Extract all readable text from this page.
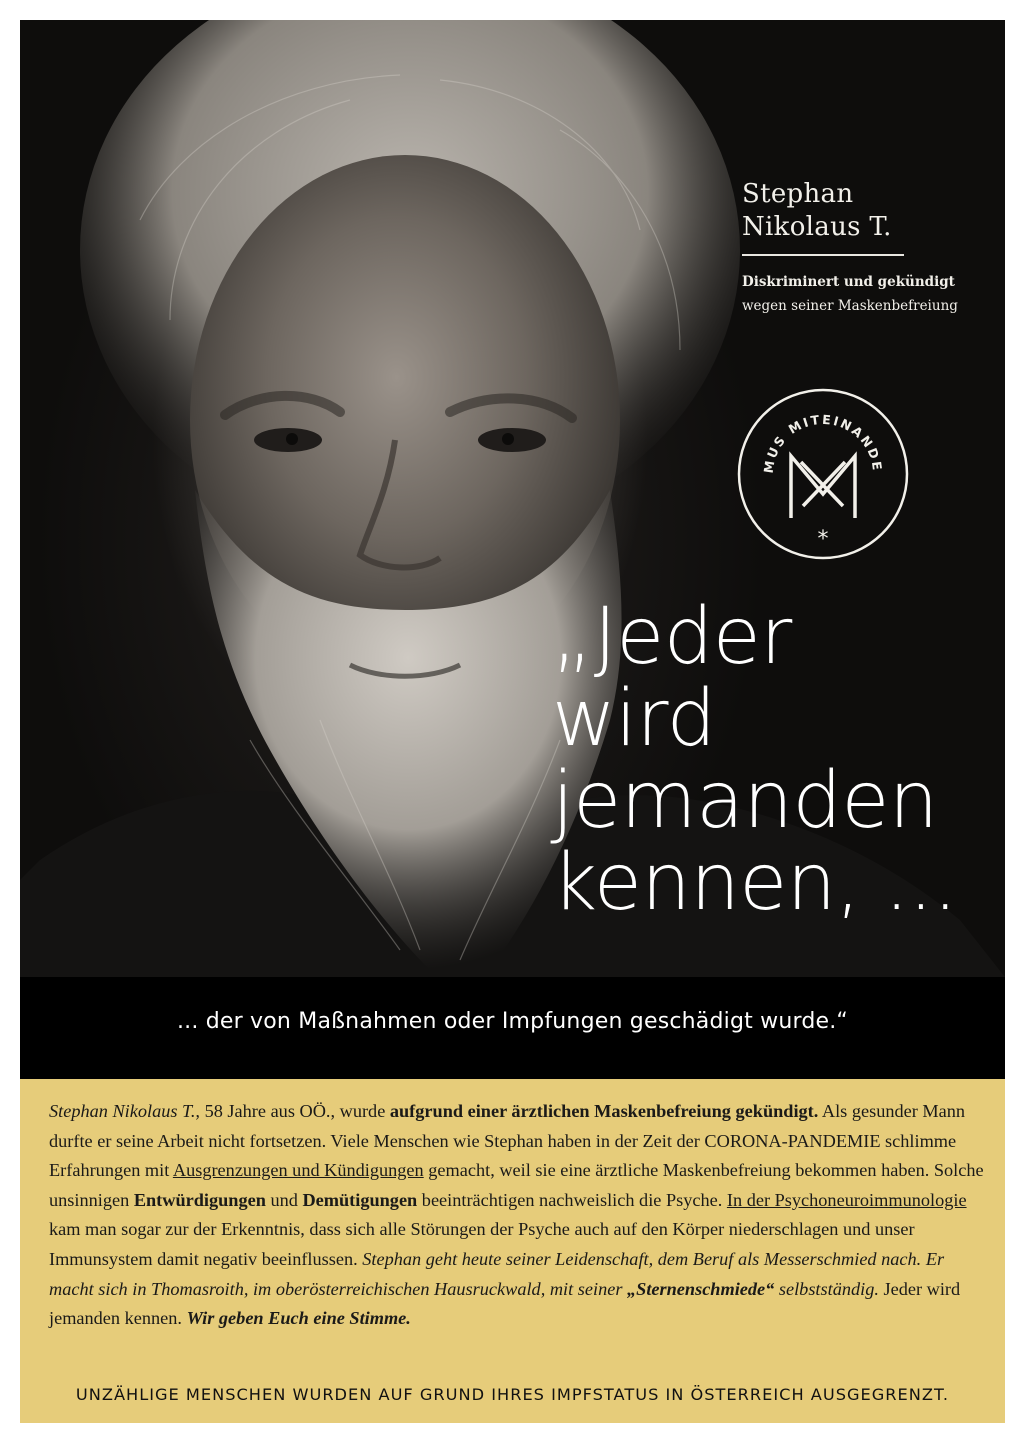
Stephan
Nikolaus T.
Diskriminert und gekündigt
wegen seiner Maskenbefreiung
MUS MITEINANDE
*
„Jeder
wird
jemanden
kennen, ...
... der von Maßnahmen oder Impfungen geschädigt wurde.“
Stephan Nikolaus T., 58 Jahre aus OÖ., wurde aufgrund einer ärztlichen Maskenbefreiung gekündigt. Als gesunder Mann durfte er seine Arbeit nicht fortsetzen. Viele Menschen wie Stephan haben in der Zeit der CORONA-PANDEMIE schlimme Erfahrungen mit Ausgrenzungen und Kündigungen gemacht, weil sie eine ärztliche Maskenbefreiung bekommen haben. Solche unsinnigen Entwürdigungen und Demütigungen beeinträchtigen nachweislich die Psyche. In der Psychoneuroimmunologie kam man sogar zur der Erkenntnis, dass sich alle Störungen der Psyche auch auf den Körper niederschlagen und unser Immunsystem damit negativ beeinflussen. Stephan geht heute seiner Leidenschaft, dem Beruf als Messerschmied nach. Er macht sich in Thomasroith, im oberösterreichischen Hausruckwald, mit seiner „Sternenschmiede“ selbstständig. Jeder wird jemanden kennen. Wir geben Euch eine Stimme.
UNZÄHLIGE MENSCHEN WURDEN AUF GRUND IHRES IMPFSTATUS IN ÖSTERREICH AUSGEGRENZT.
